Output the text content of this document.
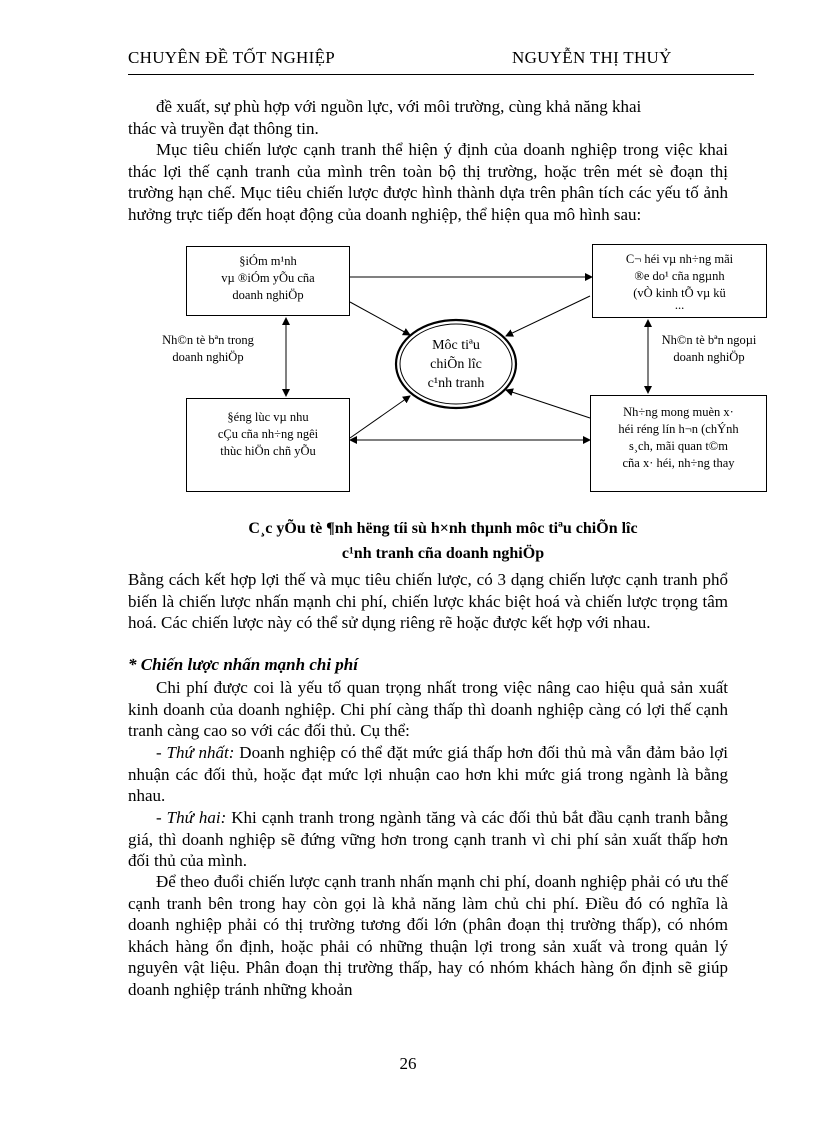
CHUYÊN ĐỀ TỐT NGHIỆP	NGUYỄN THỊ THUỶ
đề xuất, sự phù hợp với nguồn lực, với môi trường, cùng khả năng khai
thác và truyền đạt thông tin.
Mục tiêu chiến lược cạnh tranh thể hiện ý định của doanh nghiệp trong việc khai thác lợi thế cạnh tranh của mình trên toàn bộ thị trường, hoặc trên mét sè đoạn thị trường hạn chế. Mục tiêu chiến lược được hình thành dựa trên phân tích các yếu tố ảnh hưởng trực tiếp đến hoạt động của doanh nghiệp, thể hiện qua mô hình sau:
§iÓm m¹nh
vµ ®iÓm yÕu cña
doanh nghiÖp
C¬ héi vµ nh÷ng mãi
®e do¹ cña ngµnh
(vÒ kinh tÕ vµ kü
...
§éng lùc vµ nhu
cÇu cña nh÷ng ngêi
thùc hiÖn chñ yÕu
Nh÷ng mong muèn x·
héi réng lín h¬n (chÝnh
s¸ch, mãi quan t©m
cña x· héi, nh÷ng thay
Nh©n tè bªn trong
doanh nghiÖp
Nh©n tè bªn ngoµi
doanh nghiÖp
Môc tiªu
chiÕn lîc
c¹nh tranh
C¸c yÕu tè ¶nh hëng tíi sù h×nh thµnh môc tiªu chiÕn lîc
c¹nh tranh cña doanh nghiÖp
Bằng cách kết hợp lợi thế và mục tiêu chiến lược, có 3 dạng chiến lược cạnh tranh phổ biến là chiến lược nhấn mạnh chi phí, chiến lược khác biệt hoá và chiến lược trọng tâm hoá. Các chiến lược này có thể sử dụng riêng rẽ hoặc được kết hợp với nhau.
* Chiến lược nhấn mạnh chi phí
Chi phí được coi là yếu tố quan trọng nhất trong việc nâng cao hiệu quả sản xuất kinh doanh của doanh nghiệp. Chi phí càng thấp thì doanh nghiệp càng có lợi thế cạnh tranh càng cao so với các đối thủ. Cụ thể:
- Thứ nhất: Doanh nghiệp có thể đặt mức giá thấp hơn đối thủ mà vẫn đảm bảo lợi nhuận các đối thủ, hoặc đạt mức lợi nhuận cao hơn khi mức giá trong ngành là bằng nhau.
- Thứ hai: Khi cạnh tranh trong ngành tăng và các đối thủ bắt đầu cạnh tranh bằng giá, thì doanh nghiệp sẽ đứng vững hơn trong cạnh tranh vì chi phí sản xuất thấp hơn đối thủ của mình.
Để theo đuổi chiến lược cạnh tranh nhấn mạnh chi phí, doanh nghiệp phải có ưu thế cạnh tranh bên trong hay còn gọi là khả năng làm chủ chi phí. Điều đó có nghĩa là doanh nghiệp phải có thị trường tương đối lớn (phân đoạn thị trường thấp), có nhóm khách hàng ổn định, hoặc phải có những thuận lợi trong sản xuất và trong quản lý nguyên vật liệu. Phân đoạn thị trường thấp, hay có nhóm khách hàng ổn định sẽ giúp doanh nghiệp tránh những khoản
26
